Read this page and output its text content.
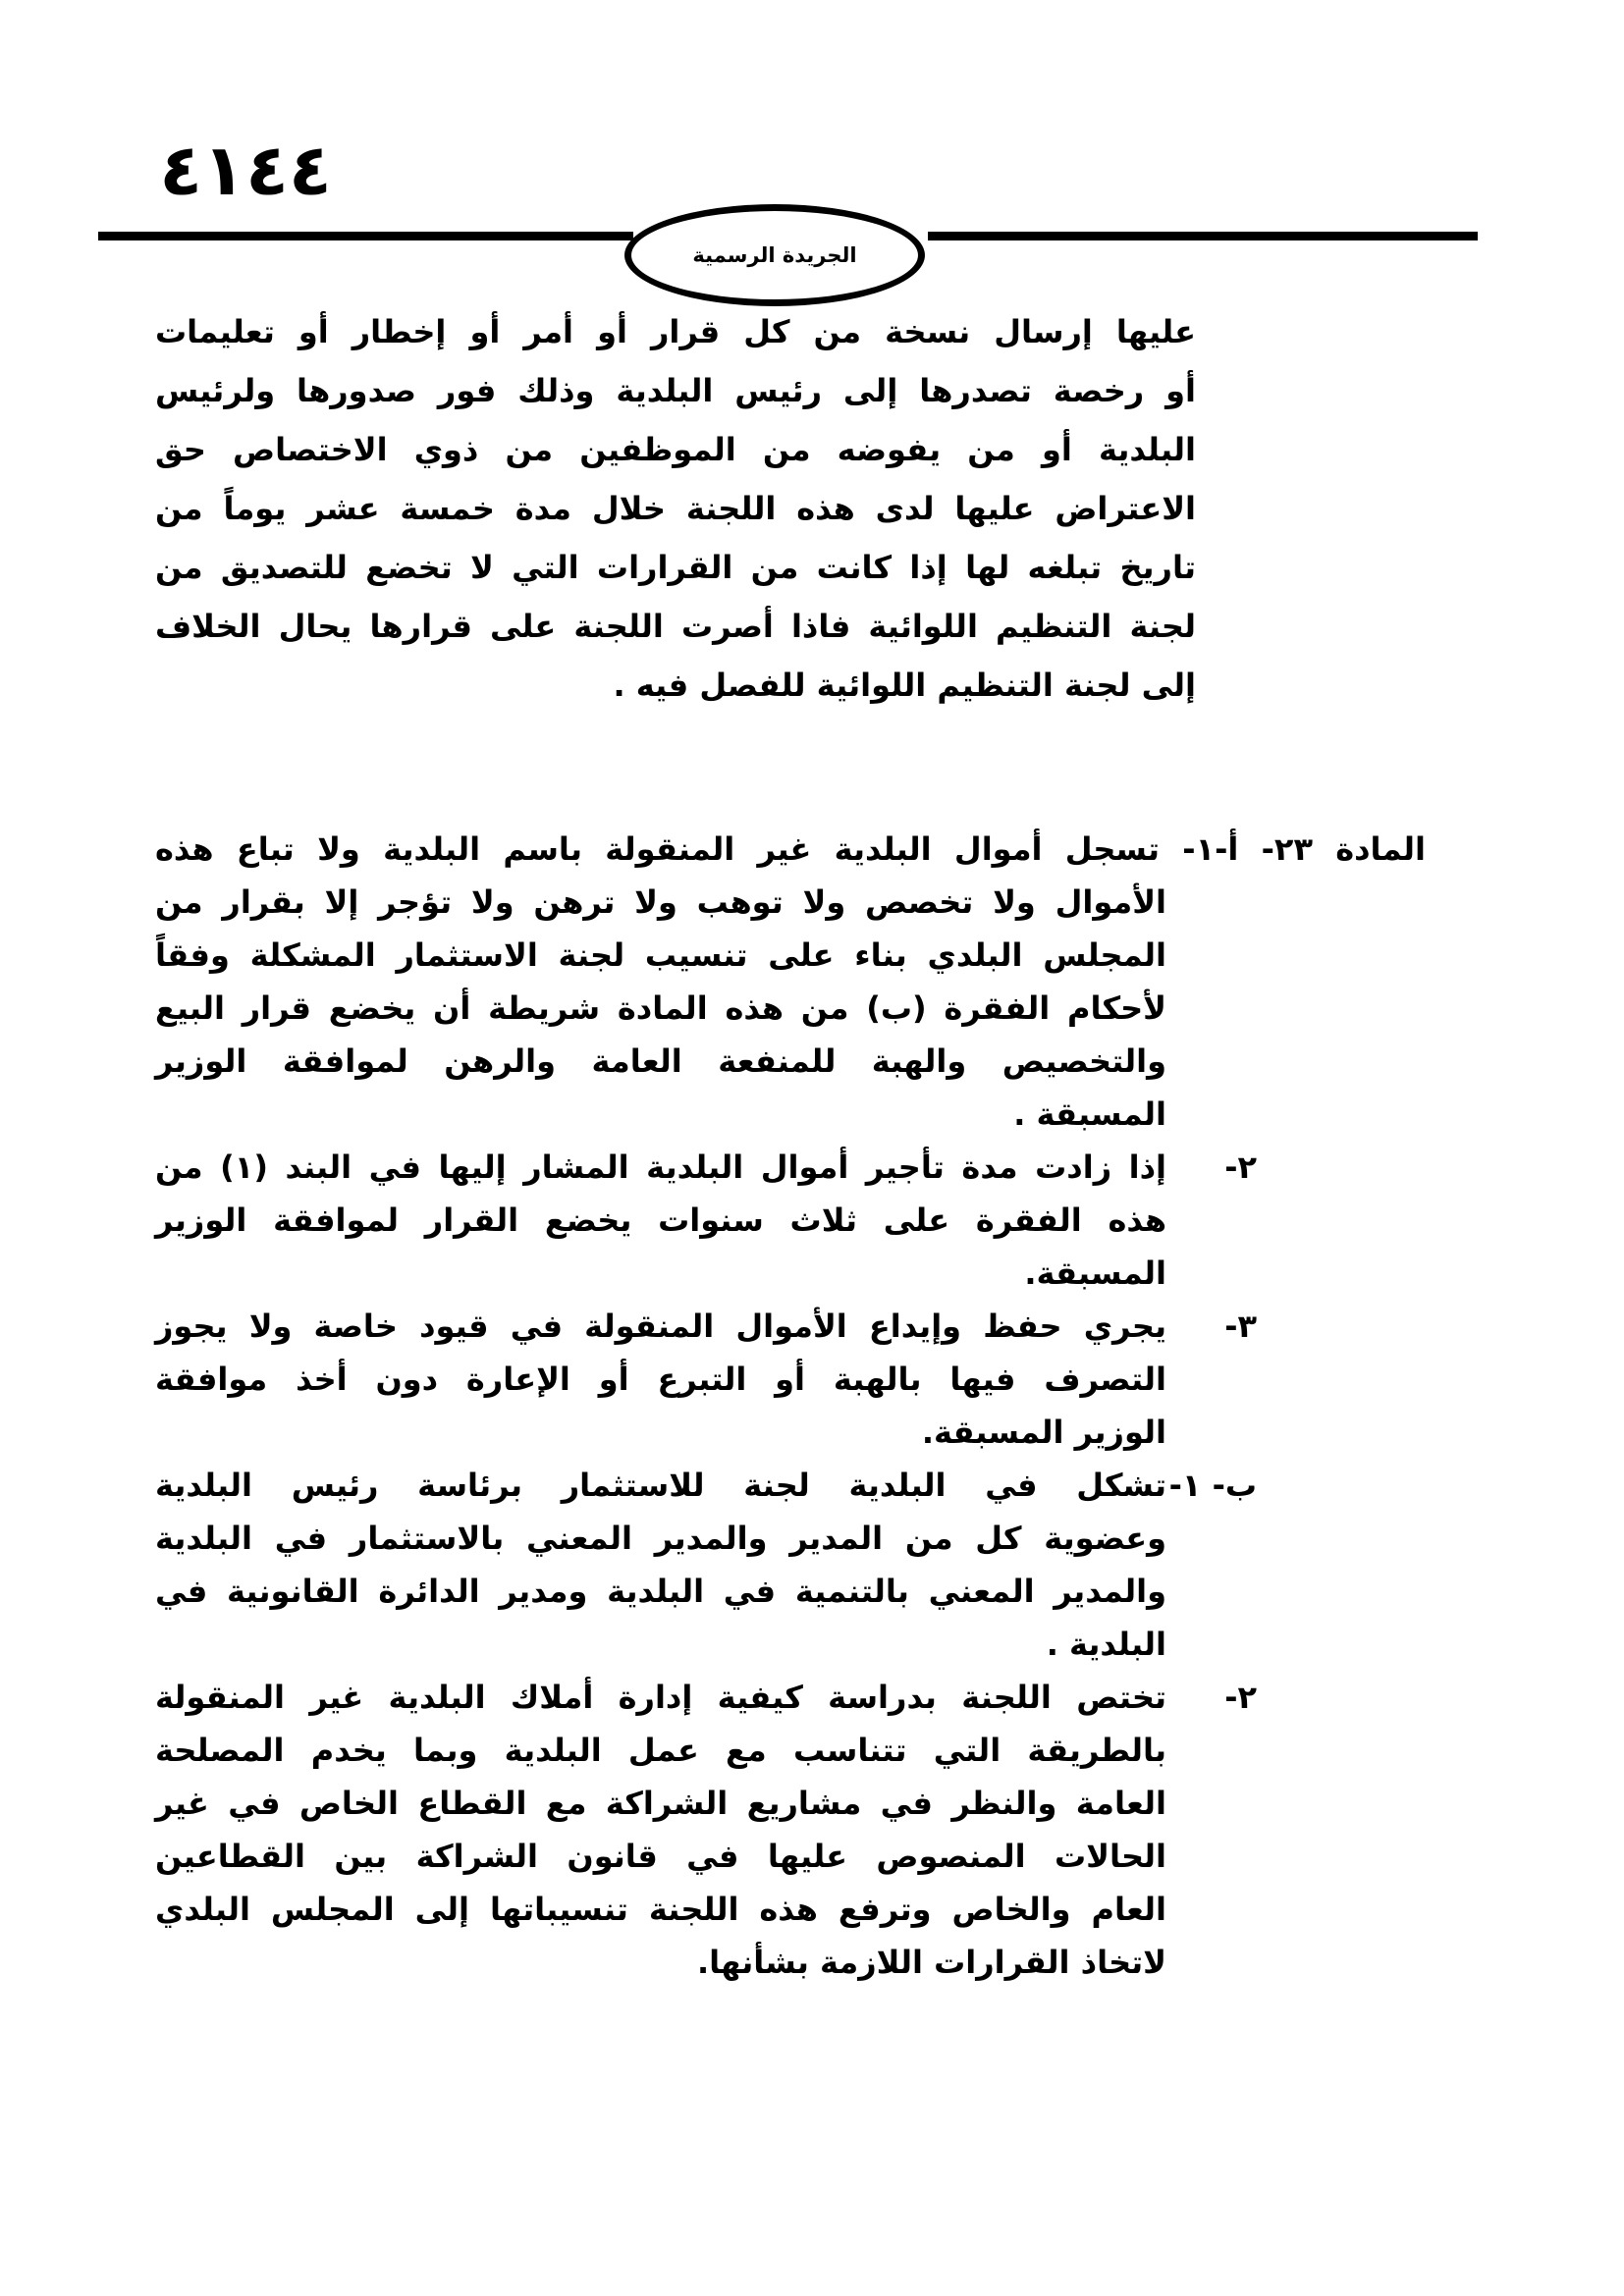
٤١٤٤
الجريدة الرسمية
عليها إرسال نسخة من كل قرار أو أمر أو إخطار أو تعليمات
أو رخصة تصدرها إلى رئيس البلدية وذلك فور صدورها ولرئيس
البلدية أو من يفوضه من الموظفين من ذوي الاختصاص حق
الاعتراض عليها لدى هذه اللجنة خلال مدة خمسة عشر يوماً من
تاريخ تبلغه لها إذا كانت من القرارات التي لا تخضع للتصديق من
لجنة التنظيم اللوائية فاذا أصرت اللجنة على قرارها يحال الخلاف
إلى لجنة التنظيم اللوائية للفصل فيه .
المادة ٢٣- أ-١- تسجل أموال البلدية غير المنقولة باسم البلدية ولا تباع هذه
الأموال ولا تخصص ولا توهب ولا ترهن ولا تؤجر إلا بقرار من
المجلس البلدي بناء على تنسيب لجنة الاستثمار المشكلة وفقاً
لأحكام الفقرة (ب) من هذه المادة شريطة أن يخضع قرار البيع
والتخصيص والهبة للمنفعة العامة والرهن لموافقة الوزير
المسبقة .
٢-
إذا زادت مدة تأجير أموال البلدية المشار إليها في البند (١) من
هذه الفقرة على ثلاث سنوات يخضع القرار لموافقة الوزير
المسبقة.
٣-
يجري حفظ وإيداع الأموال المنقولة في قيود خاصة ولا يجوز
التصرف فيها بالهبة أو التبرع أو الإعارة دون أخذ موافقة
الوزير المسبقة.
ب- ١-
تشكل في البلدية لجنة للاستثمار برئاسة رئيس البلدية
وعضوية كل من المدير والمدير المعني بالاستثمار في البلدية
والمدير المعني بالتنمية في البلدية ومدير الدائرة القانونية في
البلدية .
٢-
تختص اللجنة بدراسة كيفية إدارة أملاك البلدية غير المنقولة
بالطريقة التي تتناسب مع عمل البلدية وبما يخدم المصلحة
العامة والنظر في مشاريع الشراكة مع القطاع الخاص في غير
الحالات المنصوص عليها في قانون الشراكة بين القطاعين
العام والخاص وترفع هذه اللجنة تنسيباتها إلى المجلس البلدي
لاتخاذ القرارات اللازمة بشأنها.
